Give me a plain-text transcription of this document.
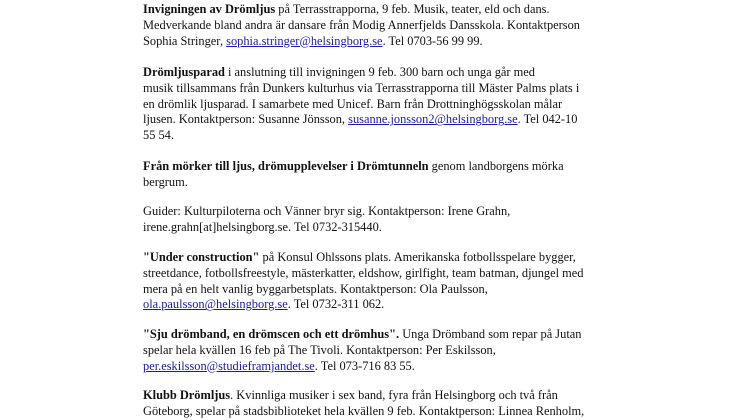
Invigningen av Drömljus på Terrasstrapporna, 9 feb. Musik, teater, eld och dans.
Medverkande bland andra är dansare från Modig Annerfjelds Dansskola. Kontaktperson
Sophia Stringer, sophia.stringer@helsingborg.se. Tel 0703-56 99 99.

Drömljusparad i anslutning till invigningen 9 feb. 300 barn och unga går med
musik tillsammans från Dunkers kulturhus via Terrasstrapporna till Mäster Palms plats i
en drömlik ljusparad. I samarbete med Unicef. Barn från Drottninghögsskolan målar
ljusen. Kontaktperson: Susanne Jönsson, susanne.jonsson2@helsingborg.se. Tel 042-10
55 54.

Från mörker till ljus, drömupplevelser i Drömtunneln genom landborgens mörka
bergrum.

Guider: Kulturpiloterna och Vänner bryr sig. Kontaktperson: Irene Grahn,
irene.grahn[at]helsingborg.se. Tel 0732-315440.

"Under construction" på Konsul Ohlssons plats. Amerikanska fotbollsspelare bygger,
streetdance, fotbollsfreestyle, mästerkatter, eldshow, girlfight, team batman, djungel med
mera på en helt vanlig byggarbetsplats. Kontaktperson: Ola Paulsson,
ola.paulsson@helsingborg.se. Tel 0732-311 062.

"Sju drömband, en drömscen och ett drömhus". Unga Drömband som repar på Jutan
spelar hela kvällen 16 feb på The Tivoli. Kontaktperson: Per Eskilsson,
per.eskilsson@studieframjandet.se. Tel 073-716 83 55.

Klubb Drömljus. Kvinnliga musiker i sex band, fyra från Helsingborg och två från
Göteborg, spelar på stadsbiblioteket hela kvällen 9 feb. Kontaktperson: Linnea Renholm,
